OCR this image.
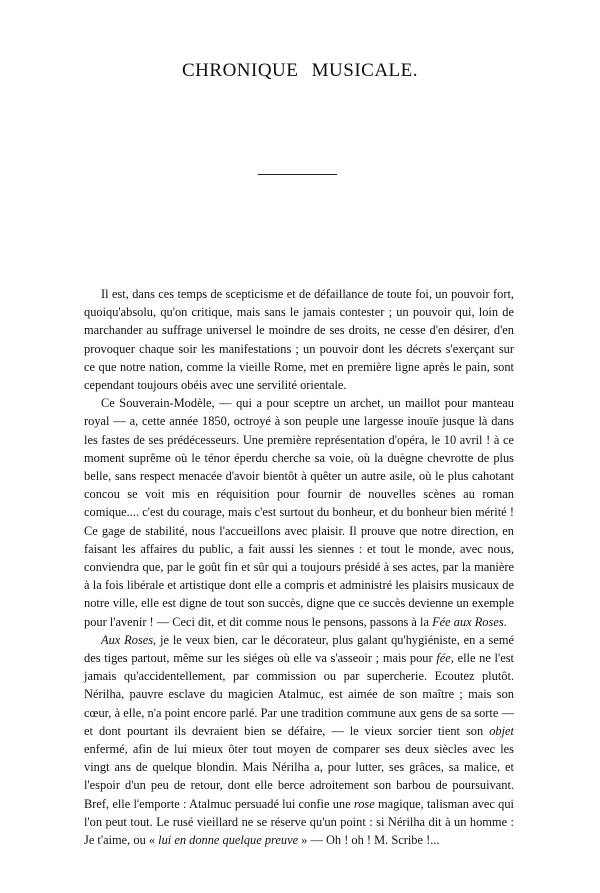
CHRONIQUE MUSICALE.

Il est, dans ces temps de scepticisme et de défaillance de toute foi, un pouvoir fort, quoiqu'absolu, qu'on critique, mais sans le jamais contester ; un pouvoir qui, loin de marchander au suffrage universel le moindre de ses droits, ne cesse d'en désirer, d'en provoquer chaque soir les manifestations ; un pouvoir dont les décrets s'exerçant sur ce que notre nation, comme la vieille Rome, met en première ligne après le pain, sont cependant toujours obéis avec une servilité orientale.

Ce Souverain-Modèle, — qui a pour sceptre un archet, un maillot pour manteau royal — a, cette année 1850, octroyé à son peuple une largesse inouïe jusque là dans les fastes de ses prédécesseurs. Une première représentation d'opéra, le 10 avril ! à ce moment suprême où le ténor éperdu cherche sa voie, où la duègne chevrotte de plus belle, sans respect menacée d'avoir bientôt à quêter un autre asile, où le plus cahotant concou se voit mis en réquisition pour fournir de nouvelles scènes au roman comique.... c'est du courage, mais c'est surtout du bonheur, et du bonheur bien mérité ! Ce gage de stabilité, nous l'accueillons avec plaisir. Il prouve que notre direction, en faisant les affaires du public, a fait aussi les siennes : et tout le monde, avec nous, conviendra que, par le goût fin et sûr qui a toujours présidé à ses actes, par la manière à la fois libérale et artistique dont elle a compris et administré les plaisirs musicaux de notre ville, elle est digne de tout son succès, digne que ce succès devienne un exemple pour l'avenir ! — Ceci dit, et dit comme nous le pensons, passons à la Fée aux Roses.

Aux Roses, je le veux bien, car le décorateur, plus galant qu'hygiéniste, en a semé des tiges partout, même sur les siéges où elle va s'asseoir ; mais pour fée, elle ne l'est jamais qu'accidentellement, par commission ou par supercherie. Ecoutez plutôt. Nérilha, pauvre esclave du magicien Atalmuc, est aimée de son maître ; mais son cœur, à elle, n'a point encore parlé. Par une tradition commune aux gens de sa sorte — et dont pourtant ils devraient bien se défaire, — le vieux sorcier tient son objet enfermé, afin de lui mieux ôter tout moyen de comparer ses deux siècles avec les vingt ans de quelque blondin. Mais Nérilha a, pour lutter, ses grâces, sa malice, et l'espoir d'un peu de retour, dont elle berce adroitement son barbou de poursuivant. Bref, elle l'emporte : Atalmuc persuadé lui confie une rose magique, talisman avec qui l'on peut tout. Le rusé vieillard ne se réserve qu'un point : si Nérilha dit à un homme : Je t'aime, ou « lui en donne quelque preuve » — Oh ! oh ! M. Scribe !...
